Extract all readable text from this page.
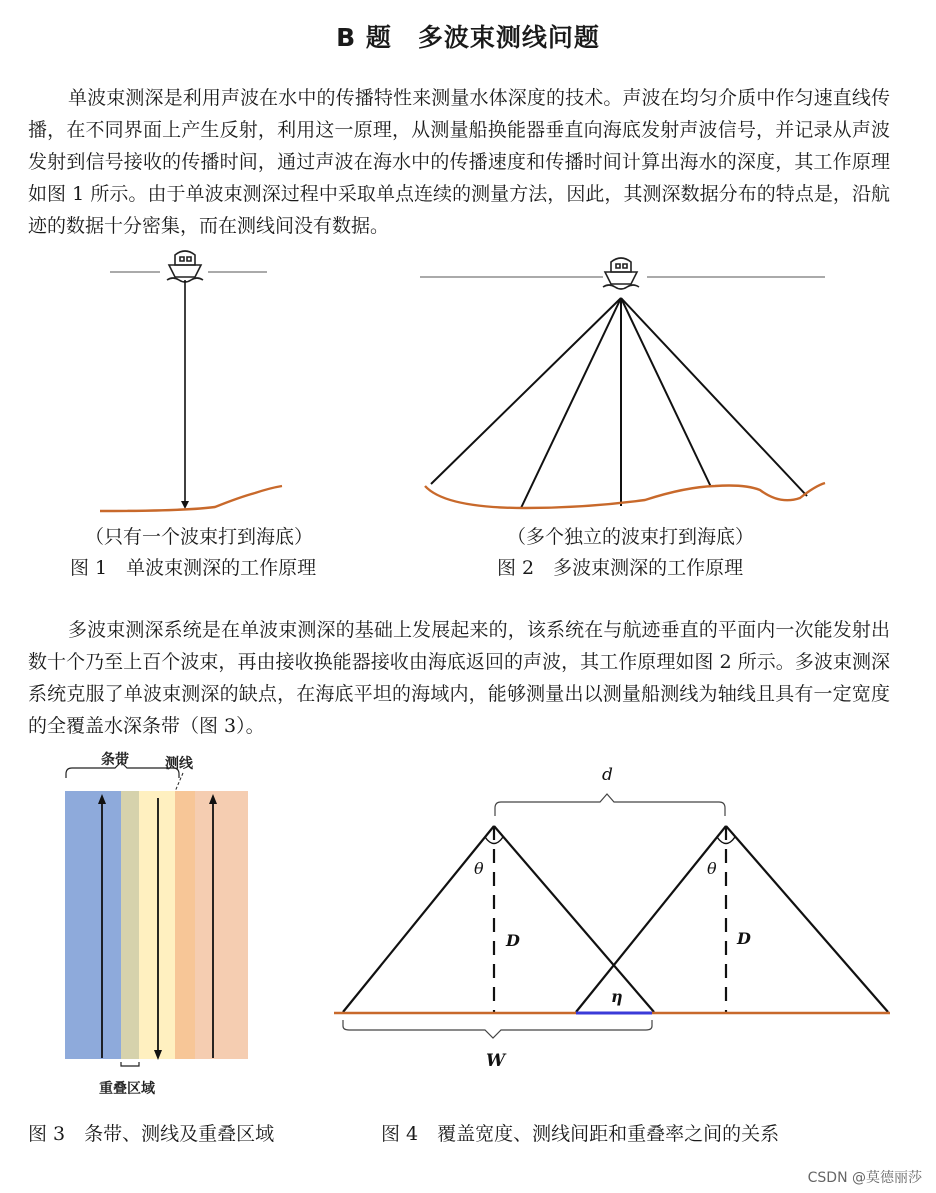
B 题　多波束测线问题

单波束测深是利用声波在水中的传播特性来测量水体深度的技术。声波在均匀介质中作匀速直线传播，在不同界面上产生反射，利用这一原理，从测量船换能器垂直向海底发射声波信号，并记录从声波发射到信号接收的传播时间，通过声波在海水中的传播速度和传播时间计算出海水的深度，其工作原理如图 1 所示。由于单波束测深过程中采取单点连续的测量方法，因此，其测深数据分布的特点是，沿航迹的数据十分密集，而在测线间没有数据。

（只有一个波束打到海底）
图 1　单波束测深的工作原理
（多个独立的波束打到海底）
图 2　多波束测深的工作原理

多波束测深系统是在单波束测深的基础上发展起来的，该系统在与航迹垂直的平面内一次能发射出数十个乃至上百个波束，再由接收换能器接收由海底返回的声波，其工作原理如图 2 所示。多波束测深系统克服了单波束测深的缺点，在海底平坦的海域内，能够测量出以测量船测线为轴线且具有一定宽度的全覆盖水深条带（图 3）。

条带	测线
重叠区域
图 3　条带、测线及重叠区域
d
θ	θ
D	D
η
W
图 4　覆盖宽度、测线间距和重叠率之间的关系
CSDN @莫德丽莎
